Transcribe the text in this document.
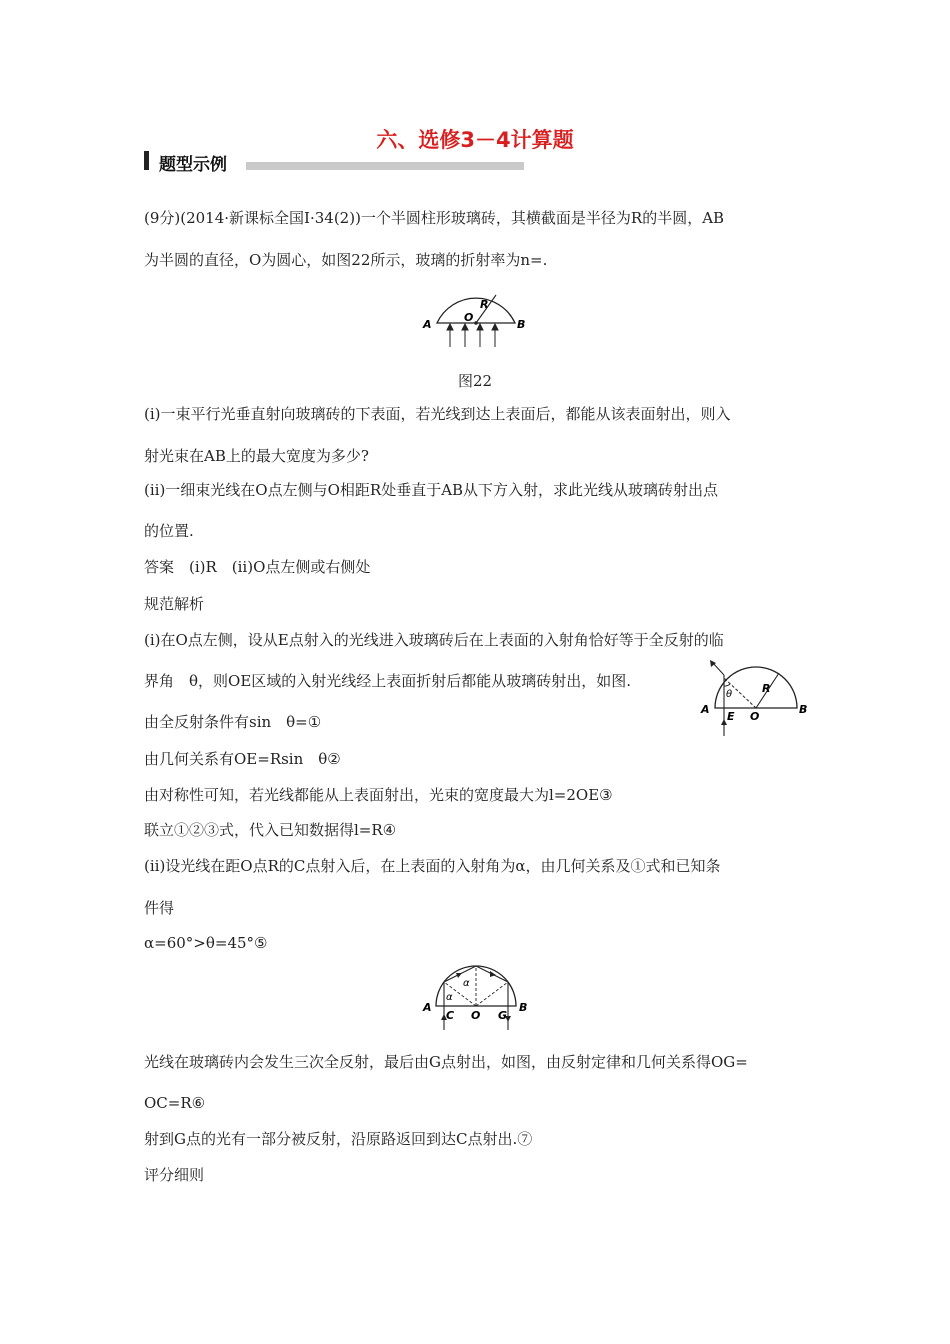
六、选修3－4计算题
题型示例
(9分)(2014·新课标全国Ⅰ·34(2))一个半圆柱形玻璃砖，其横截面是半径为R的半圆，AB
为半圆的直径，O为圆心，如图22所示，玻璃的折射率为n=.
A	B
O
R
图22
(ⅰ)一束平行光垂直射向玻璃砖的下表面，若光线到达上表面后，都能从该表面射出，则入
射光束在AB上的最大宽度为多少?
(ⅱ)一细束光线在O点左侧与O相距R处垂直于AB从下方入射，求此光线从玻璃砖射出点
的位置.
答案　(ⅰ)R　(ⅱ)O点左侧或右侧处
规范解析
(ⅰ)在O点左侧，设从E点射入的光线进入玻璃砖后在上表面的入射角恰好等于全反射的临
界角　θ，则OE区域的入射光线经上表面折射后都能从玻璃砖射出，如图.
θ
A
E O
R
B
由全反射条件有sin　θ=①
由几何关系有OE=Rsin　θ②
由对称性可知，若光线都能从上表面射出，光束的宽度最大为l=2OE③
联立①②③式，代入已知数据得l=R④
(ⅱ)设光线在距O点R的C点射入后，在上表面的入射角为α，由几何关系及①式和已知条
件得
α=60°>θ=45°⑤
α
α
A
C O G
B
光线在玻璃砖内会发生三次全反射，最后由G点射出，如图，由反射定律和几何关系得OG=
OC=R⑥
射到G点的光有一部分被反射，沿原路返回到达C点射出.⑦
评分细则
